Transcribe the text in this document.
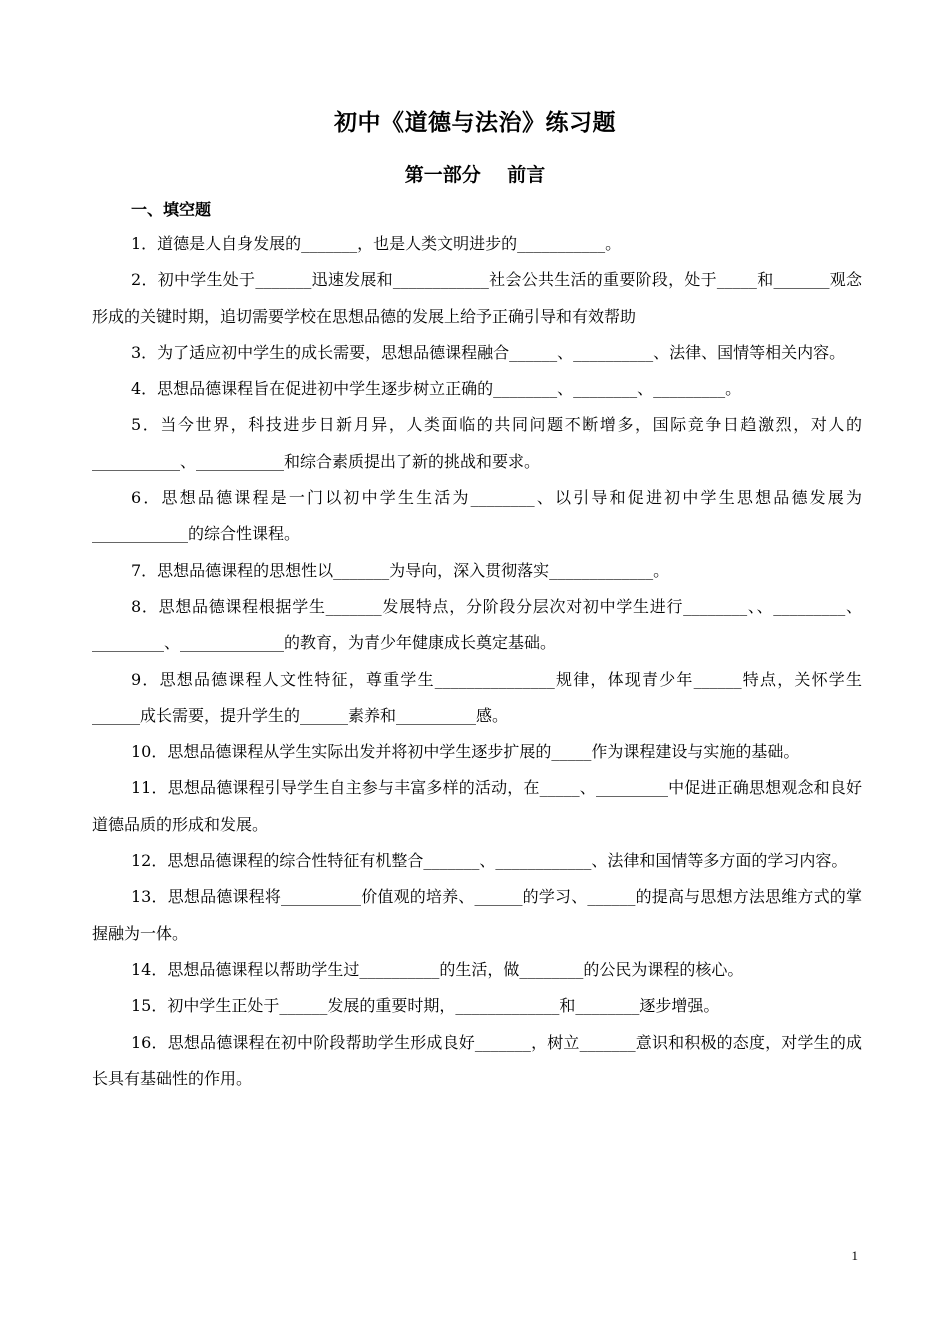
初中《道德与法治》练习题
第一部分    前言
一、填空题

1．道德是人自身发展的_______，也是人类文明进步的___________。

2．初中学生处于_______迅速发展和____________社会公共生活的重要阶段，处于_____和_______观念形成的关键时期，追切需要学校在思想品德的发展上给予正确引导和有效帮助

3．为了适应初中学生的成长需要，思想品德课程融合______、__________、法律、国情等相关内容。

4．思想品德课程旨在促进初中学生逐步树立正确的________、________、_________。

5．当今世界，科技进步日新月异，人类面临的共同问题不断增多，国际竞争日趋激烈，对人的___________、___________和综合素质提出了新的挑战和要求。

6．思想品德课程是一门以初中学生生活为________、以引导和促进初中学生思想品德发展为____________的综合性课程。

7．思想品德课程的思想性以_______为导向，深入贯彻落实_____________。

8．思想品德课程根据学生_______发展特点，分阶段分层次对初中学生进行________、、_________、_________、_____________的教育，为青少年健康成长奠定基础。

9．思想品德课程人文性特征，尊重学生_______________规律，体现青少年______特点，关怀学生______成长需要，提升学生的______素养和__________感。

10．思想品德课程从学生实际出发并将初中学生逐步扩展的_____作为课程建设与实施的基础。

11．思想品德课程引导学生自主参与丰富多样的活动，在_____、_________中促进正确思想观念和良好道德品质的形成和发展。

12．思想品德课程的综合性特征有机整合_______、____________、法律和国情等多方面的学习内容。

13．思想品德课程将__________价值观的培养、______的学习、______的提高与思想方法思维方式的掌握融为一体。

14．思想品德课程以帮助学生过__________的生活，做________的公民为课程的核心。

15．初中学生正处于______发展的重要时期，_____________和________逐步增强。

16．思想品德课程在初中阶段帮助学生形成良好_______，树立_______意识和积极的态度，对学生的成长具有基础性的作用。

1
